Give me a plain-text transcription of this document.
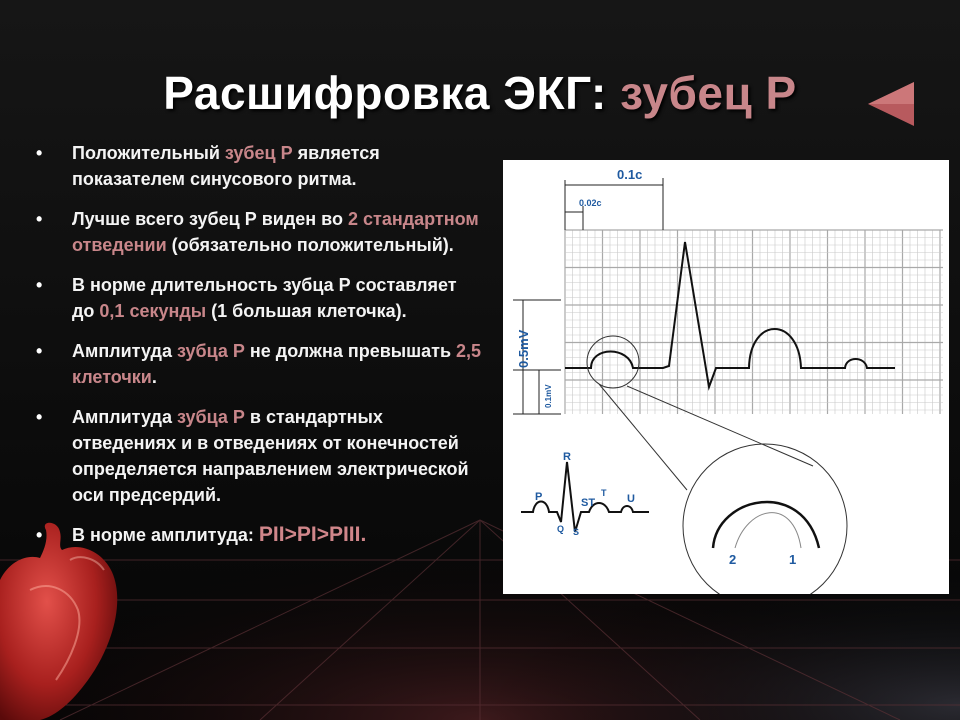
Расшифровка ЭКГ: зубец Р
• Положительный зубец Р является показателем синусового ритма.
• Лучше всего зубец Р виден во 2 стандартном отведении (обязательно положительный).
• В норме длительность зубца Р составляет до 0,1 секунды (1 большая клеточка).
• Амплитуда зубца Р не должна превышать 2,5 клеточки.
• Амплитуда зубца Р в стандартных отведениях и в отведениях от конечностей определяется направлением электрической оси предсердий.
• В норме амплитуда: PII>PI>PIII.
0.1c
0.02c
0.5mV
0.1mV
2	1
R
P
Q S
ST
T U
